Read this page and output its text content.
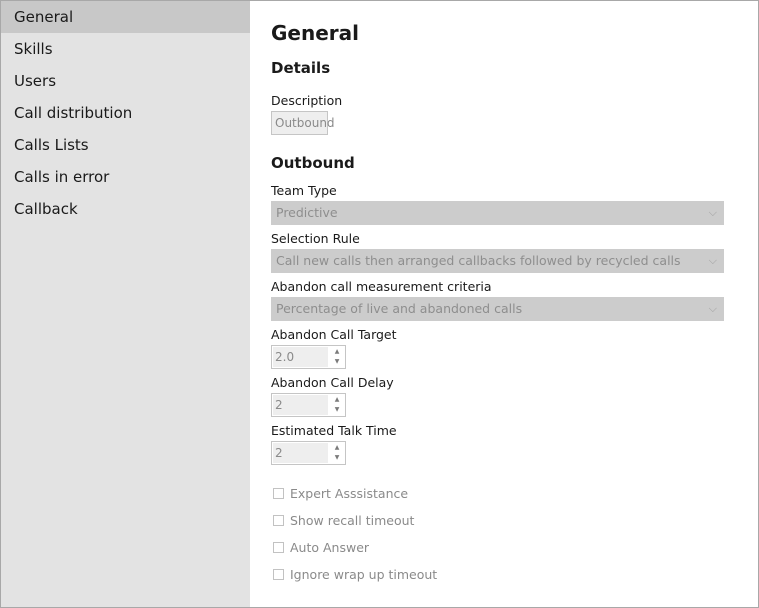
General
Skills
Users
Call distribution
Calls Lists
Calls in error
Callback
General
Details
Description
Outbound
Outbound
Team Type
Predictive	⌵
Selection Rule
Call new calls then arranged callbacks followed by recycled calls	⌵
Abandon call measurement criteria
Percentage of live and abandoned calls	⌵
Abandon Call Target
2.0	▲
▼
Abandon Call Delay
2	▲
▼
Estimated Talk Time
2	▲
▼
Expert Asssistance
Show recall timeout
Auto Answer
Ignore wrap up timeout
